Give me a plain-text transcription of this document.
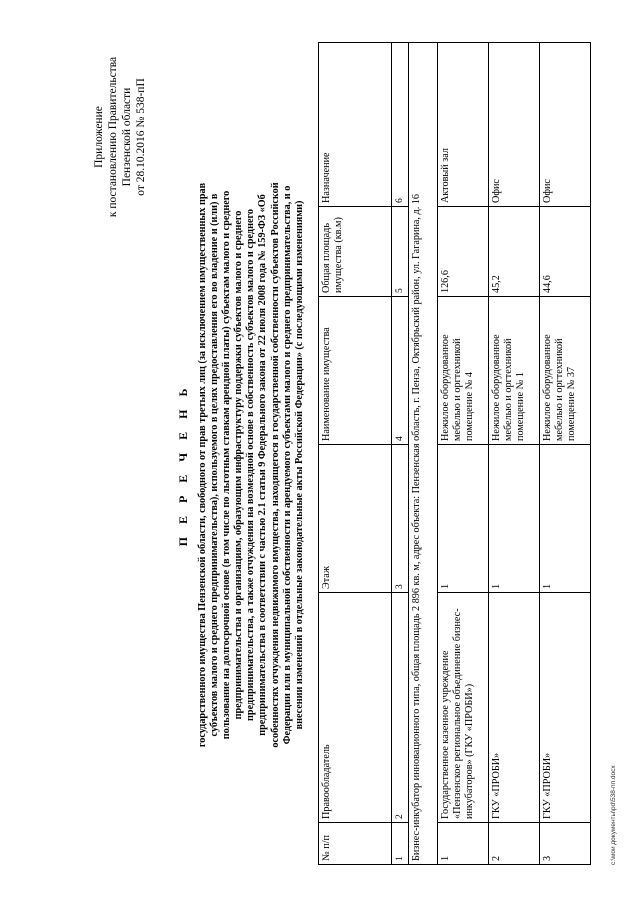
Приложение к постановлению Правительства Пензенской области от 28.10.2016 № 538-пП
П Е Р Е Ч Е Н Ь государственного имущества Пензенской области, свободного от прав третьих лиц (за исключением имущественных прав субъектов малого и среднего предпринимательства), используемого в целях предоставления его во владение и (или) в пользование на долгосрочной основе (в том числе по льготным ставкам арендной платы) субъектам малого и среднего предпринимательства и организациям, образующим инфраструктуру поддержки субъектов малого и среднего предпринимательства, а также отчуждения на возмездной основе в собственность субъектов малого и среднего предпринимательства в соответствии с частью 2.1 статьи 9 Федерального закона от 22 июля 2008 года № 159-ФЗ «Об особенностях отчуждения недвижимого имущества, находящегося в государственной собственности субъектов Российской Федерации или в муниципальной собственности и арендуемого субъектами малого и среднего предпринимательства, и о внесении изменений в отдельные законодательные акты Российской Федерации» (с последующими изменениями)
№ п/п	Правообладатель	Этаж	Наименование имущества	Общая площадь имущества (кв.м)	Назначение
1	2	3	4	5	6
Бизнес-инкубатор инновационного типа, общая площадь 2 896 кв. м, адрес объекта: Пензенская область, г. Пенза, Октябрьский район, ул. Гагарина, д. 16					
1	Государственное казенное учреждение «Пензенское региональное объединение бизнес-инкубаторов» (ГКУ «ПРОБИ»)	1	Нежилое оборудованное мебелью и оргтехникой помещение № 4	126,6	Актовый зал
2	ГКУ «ПРОБИ»	1	Нежилое оборудованное мебелью и оргтехникой помещение № 1	45,2	Офис
3	ГКУ «ПРОБИ»	1	Нежилое оборудованное мебелью и оргтехникой помещение № 37	44,6	Офис
c:\мои документы\pd\538-пп.docx
